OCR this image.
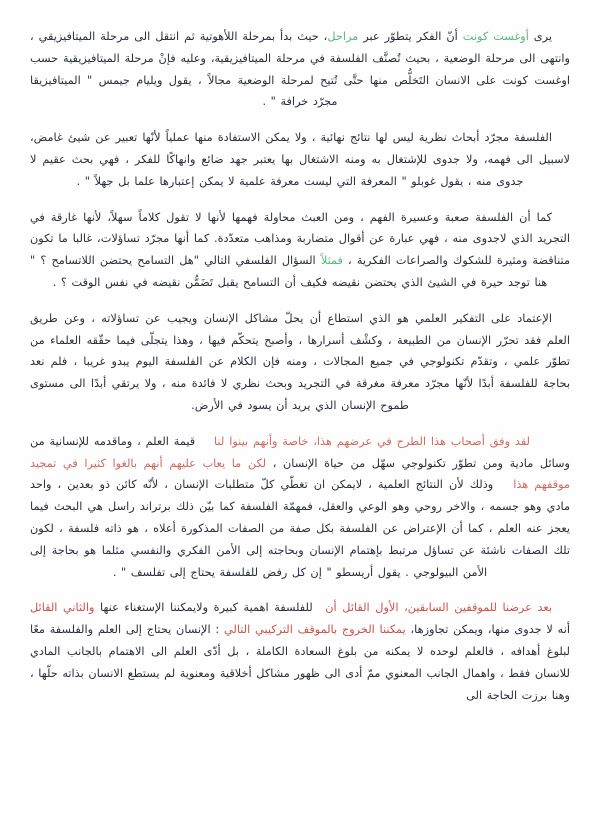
يرى أوغست كونت أنّ الفكر يتطوّر عبر مراحل، حيث بدأ بمرحلة اللأهوتية ثم انتقل الى مرحلة الميتافيزيقي ، وانتهى الى مرحلة الوضعية ، بحيث تُصنَّف الفلسفة في مرحلة الميتافيزيقية، وعليه فإنْ مرحلة الميتافيزيقية حسب اوغست كونت على الانسان التَخلُّص منها حتَّى تُتيح لمرحلة الوضعية مجالاً ، يقول ويليام جيمس " الميتافيزيقا مجرّد خرافة " .

الفلسفة مجرّد أبحاث نظرية ليس لها نتائج نهائية ، ولا يمكن الاستفادة منها عملياً لأنّها تعبير عن شيئ غامض، لاسبيل الى فهمه، ولا جدوى للإشتغال به ومنه الاشتغال بها يعتبر جهد ضائع وانهاكًا للفكر ، فهي بحث عقيم لا جدوى منه ، يقول غوبلو " المعرفة التي ليست معرفة علمية لا يمكن إعتبارها علما بل جهلاً " .

كما أن الفلسفة صعبة وعسيرة الفهم ، ومن العبث محاولة فهمها لأنها لا تقول كلاماً سهلاً، لأنها غارقة في التجريد الذي لاجدوى منه ، فهي عبارة عن أقوال متضاربة ومذاهب متعدّدة. كما أنها مجرّد تساؤلات، غالبا ما تكون متناقضة ومثيرة للشكوك والصراعات الفكرية ، فمثلاً السؤال الفلسفي التالي "هل التسامح يحتضن اللاتسامح ؟ " هنا توجد حيرة في الشيئ الذي يحتضن نقيضه فكيف أن التسامح يقبل تَضَمُّن نقيضه في نفس الوقت ؟ .

الإعتماد على التفكير العلمي هو الذي استطاع أن يحلّ مشاكل الإنسان ويجيب عن تساؤلاته ، وعن طريق العلم فقد تحرّر الإنسان من الطبيعة ، وكشْف أسرارها ، وأصبح يتحكّم فيها ، وهذا يتجلّى فيما حقّقه العلماء من تطوّر علمي ، وتقدّم تكنولوجي في جميع المجالات ، ومنه فإن الكلام عن الفلسفة اليوم يبدو غريبا ، فلم نعد بحاجة للفلسفة أبدًا لأنّها مجرّد معرفة مغرقة في التجريد وبحث نظري لا فائدة منه ، ولا يرتقي أبدًا الى مستوى طموح الإنسان الذي يريد أن يسود في الأرض.

لقد وفق أصحاب هذا الطرح في عرضهم هذا، خاصة وأنهم بينوا لنا قيمة العلم ، وماقدمه للإنسانية من وسائل مادية ومن تطوّر تكنولوجي سهّل من حياة الإنسان ، لكن ما يعاب عليهم أنهم بالغوا كثيرا في تمجيد موقفهم هذا وذلك لأن النتائج العلمية ، لايمكن ان تغطّي كلّ متطلبات الإنسان ، لأنّه كائن ذو بعدين ، واحد مادي وهو جسمه ، والاخر روحي وهو الوعي والعقل، فمهمّة الفلسفة كما بيّن ذلك برتراند راسل هي البحث فيما يعجز عنه العلم ، كما أن الإعتراض عن الفلسفة بكل صفة من الصفات المذكورة أعلاه ، هو ذاته فلسفة ، لكون تلك الصفات ناشئة عن تساؤل مرتبط بإهتمام الإنسان وبحاجته إلى الأمن الفكري والنفسي مثلما هو بحاجة إلى الأمن البيولوجي . يقول أريسطو " إن كل رفض للفلسفة يحتاج إلى تفلسف " .

بعد عرضنا للموقفين السابقين، الأول القائل أن للفلسفة اهمية كبيرة ولايمكننا الإستغناء عنها والثاني القائل أنه لا جدوى منها، ويمكن تجاوزها، يمكننا الخروج بالموقف التركيبي التالي : الإنسان يحتاج إلى العلم والفلسفة معًا لبلوغ أهدافه ، فالعلم لوحده لا يمكنه من بلوغ السعادة الكاملة ، بل أدّى العلم الى الاهتمام بالجانب المادي للانسان فقط ، واهمال الجانب المعنوي ممّ أدى الى ظهور مشاكل أخلاقية ومعنوية لم يستطع الانسان بذاته حلّها ، وهنا برزت الحاجة الى
